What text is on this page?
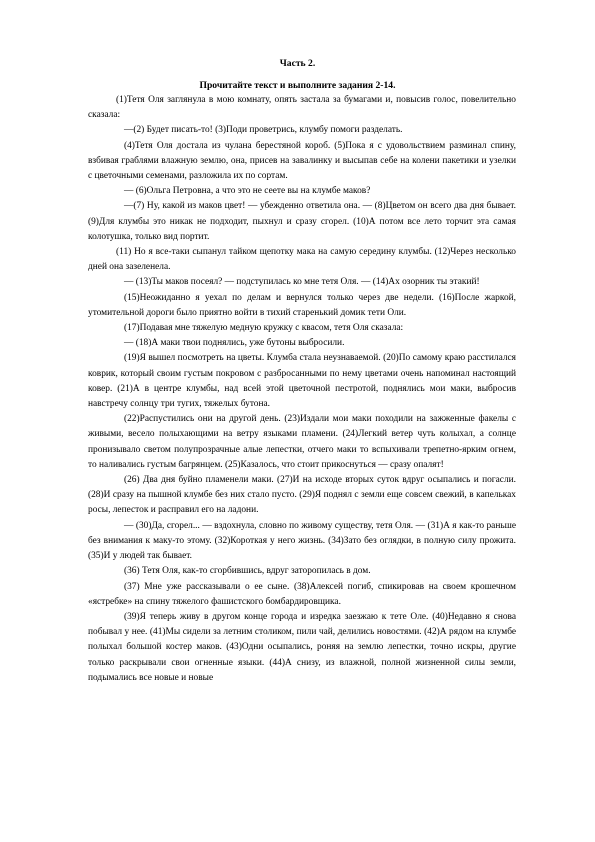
Часть 2.
Прочитайте текст и выполните задания 2-14.

(1)Тетя Оля заглянула в мою комнату, опять застала за бумагами и, повысив голос, повелительно сказала:

—(2) Будет писать-то! (3)Поди проветрись, клумбу помоги разделать.

(4)Тетя Оля достала из чулана берестяной короб. (5)Пока я с удовольствием разминал спину, взбивая граблями влажную землю, она, присев на завалинку и высыпав себе на колени пакетики и узелки с цветочными семенами, разложила их по сортам.

— (6)Ольга Петровна, а что это не сеете вы на клумбе маков?

—(7) Ну, какой из маков цвет! — убежденно ответила она. — (8)Цветом он всего два дня бывает. (9)Для клумбы это никак не подходит, пыхнул и сразу сгорел. (10)А потом все лето торчит эта самая колотушка, только вид портит.

(11) Но я все-таки сыпанул тайком щепотку мака на самую середину клумбы. (12)Через несколько дней она зазеленела.

— (13)Ты маков посеял? — подступилась ко мне тетя Оля. — (14)Ах озорник ты этакий!

(15)Неожиданно я уехал по делам и вернулся только через две недели. (16)После жаркой, утомительной дороги было приятно войти в тихий старенький домик тети Оли.

(17)Подавая мне тяжелую медную кружку с квасом, тетя Оля сказала:

— (18)А маки твои поднялись, уже бутоны выбросили.

(19)Я вышел посмотреть на цветы. Клумба стала неузнаваемой. (20)По самому краю расстилался коврик, который своим густым покровом с разбросанными по нему цветами очень напоминал настоящий ковер. (21)А в центре клумбы, над всей этой цветочной пестротой, поднялись мои маки, выбросив навстречу солнцу три тугих, тяжелых бутона.

(22)Распустились они на другой день. (23)Издали мои маки походили на зажженные факелы с живыми, весело полыхающими на ветру языками пламени. (24)Легкий ветер чуть колыхал, а солнце пронизывало светом полупрозрачные алые лепестки, отчего маки то вспыхивали трепетно-ярким огнем, то наливались густым багрянцем. (25)Казалось, что стоит прикоснуться — сразу опалят!

(26) Два дня буйно пламенели маки. (27)И на исходе вторых суток вдруг осыпались и погасли. (28)И сразу на пышной клумбе без них стало пусто. (29)Я поднял с земли еще совсем свежий, в капельках росы, лепесток и расправил его на ладони.

— (30)Да, сгорел... — вздохнула, словно по живому существу, тетя Оля. — (31)А я как-то раньше без внимания к маку-то этому. (32)Короткая у него жизнь. (34)Зато без оглядки, в полную силу прожита. (35)И у людей так бывает.

(36) Тетя Оля, как-то сгорбившись, вдруг заторопилась в дом.

(37) Мне уже рассказывали о ее сыне. (38)Алексей погиб, спикировав на своем крошечном «ястребке» на спину тяжелого фашистского бомбардировщика.

(39)Я теперь живу в другом конце города и изредка заезжаю к тете Оле. (40)Недавно я снова побывал у нее. (41)Мы сидели за летним столиком, пили чай, делились новостями. (42)А рядом на клумбе полыхал большой костер маков. (43)Одни осыпались, роняя на землю лепестки, точно искры, другие только раскрывали свои огненные языки. (44)А снизу, из влажной, полной жизненной силы земли, подымались все новые и новые
